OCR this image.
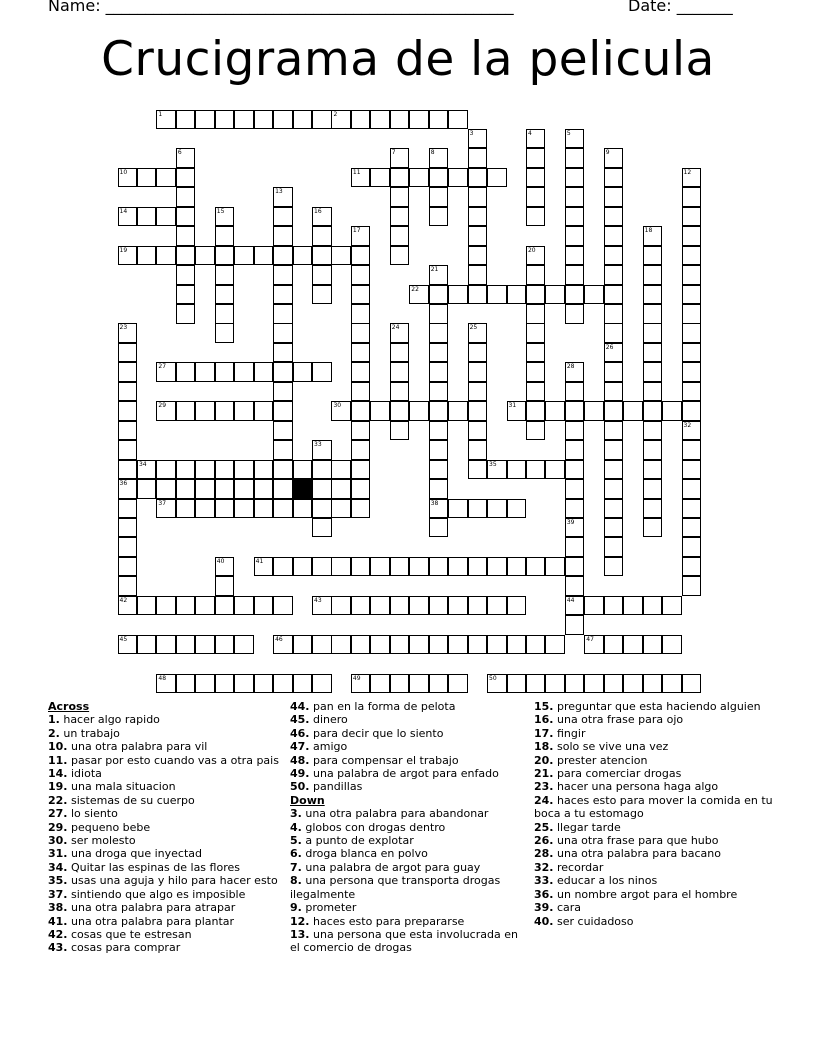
Name: ___________________________________________________	Date: _______
Crucigrama de la pelicula
1	2
10	11
14
19
22
27
29	30	31
34	35
36
37	38
41
42	43	44
45	46	47
48	49	50
3	4	5
6	7	8	9
26
12
13
15	16
17	18
20
21
23	24	25
28
39
32
33
40
Across
1. hacer algo rapido
2. un trabajo
10. una otra palabra para vil
11. pasar por esto cuando vas a otra pais
14. idiota
19. una mala situacion
22. sistemas de su cuerpo
27. lo siento
29. pequeno bebe
30. ser molesto
31. una droga que inyectad
34. Quitar las espinas de las flores
35. usas una aguja y hilo para hacer esto
37. sintiendo que algo es imposible
38. una otra palabra para atrapar
41. una otra palabra para plantar
42. cosas que te estresan
43. cosas para comprar
44. pan en la forma de pelota
45. dinero
46. para decir que lo siento
47. amigo
48. para compensar el trabajo
49. una palabra de argot para enfado
50. pandillas
Down
3. una otra palabra para abandonar
4. globos con drogas dentro
5. a punto de explotar
6. droga blanca en polvo
7. una palabra de argot para guay
8. una persona que transporta drogas ilegalmente
9. prometer
12. haces esto para prepararse
13. una persona que esta involucrada en el comercio de drogas
15. preguntar que esta haciendo alguien
16. una otra frase para ojo
17. fingir
18. solo se vive una vez
20. prester atencion
21. para comerciar drogas
23. hacer una persona haga algo
24. haces esto para mover la comida en tu boca a tu estomago
25. llegar tarde
26. una otra frase para que hubo
28. una otra palabra para bacano
32. recordar
33. educar a los ninos
36. un nombre argot para el hombre
39. cara
40. ser cuidadoso
